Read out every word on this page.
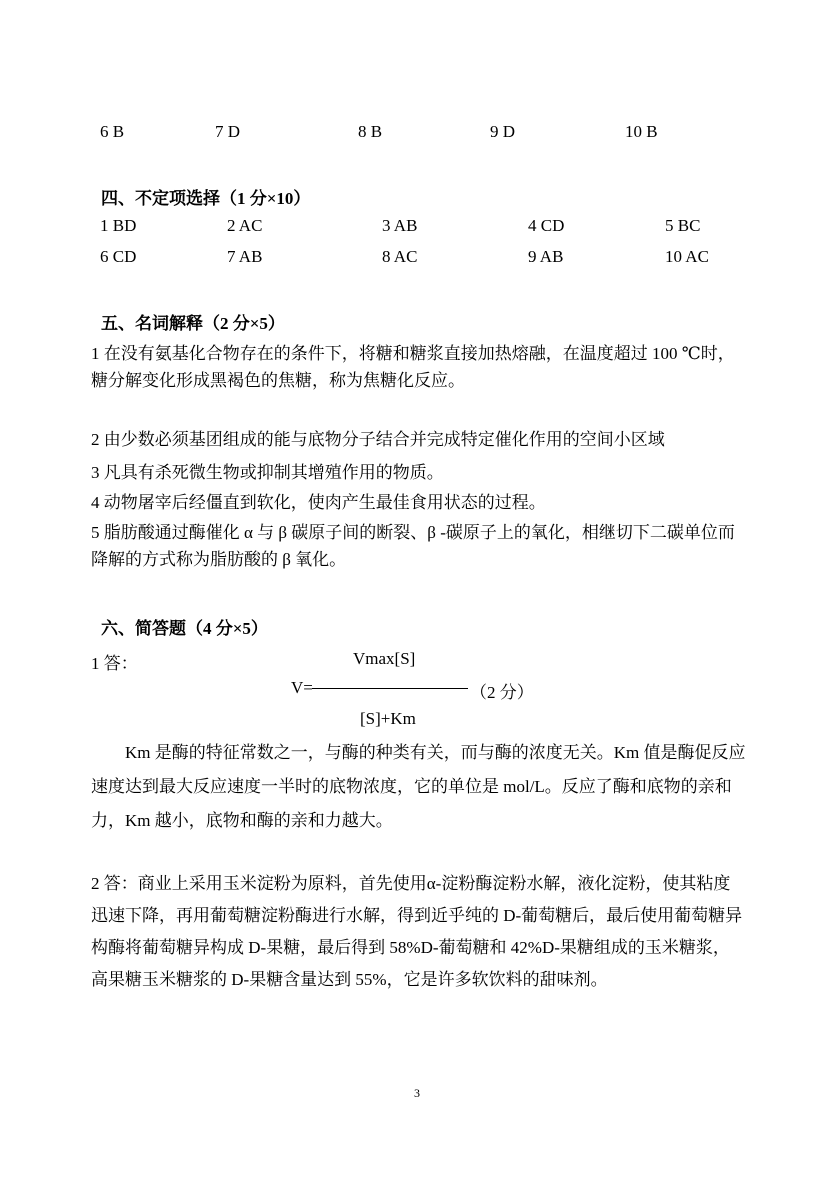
6 B	7 D	8 B	9 D	10 B
四、不定项选择（1 分×10）
1 BD	2 AC	3 AB	4 CD	5 BC
6 CD	7 AB	8 AC	9 AB	10 AC
五、名词解释（2 分×5）
1 在没有氨基化合物存在的条件下，将糖和糖浆直接加热熔融，在温度超过 100 ℃时，糖分解变化形成黑褐色的焦糖，称为焦糖化反应。
2 由少数必须基团组成的能与底物分子结合并完成特定催化作用的空间小区域
3 凡具有杀死微生物或抑制其增殖作用的物质。
4 动物屠宰后经僵直到软化，使肉产生最佳食用状态的过程。
5 脂肪酸通过酶催化 α 与 β 碳原子间的断裂、β -碳原子上的氧化，相继切下二碳单位而降解的方式称为脂肪酸的 β 氧化。
六、简答题（4 分×5）
1 答：	Vmax[S]
V=	（2 分）
[S]+Km
Km 是酶的特征常数之一，与酶的种类有关，而与酶的浓度无关。Km 值是酶促反应速度达到最大反应速度一半时的底物浓度，它的单位是 mol/L。反应了酶和底物的亲和力，Km 越小，底物和酶的亲和力越大。
2 答：商业上采用玉米淀粉为原料，首先使用α-淀粉酶淀粉水解，液化淀粉，使其粘度迅速下降，再用葡萄糖淀粉酶进行水解，得到近乎纯的 D-葡萄糖后，最后使用葡萄糖异构酶将葡萄糖异构成 D-果糖，最后得到 58%D-葡萄糖和 42%D-果糖组成的玉米糖浆，高果糖玉米糖浆的 D-果糖含量达到 55%，它是许多软饮料的甜味剂。
3
